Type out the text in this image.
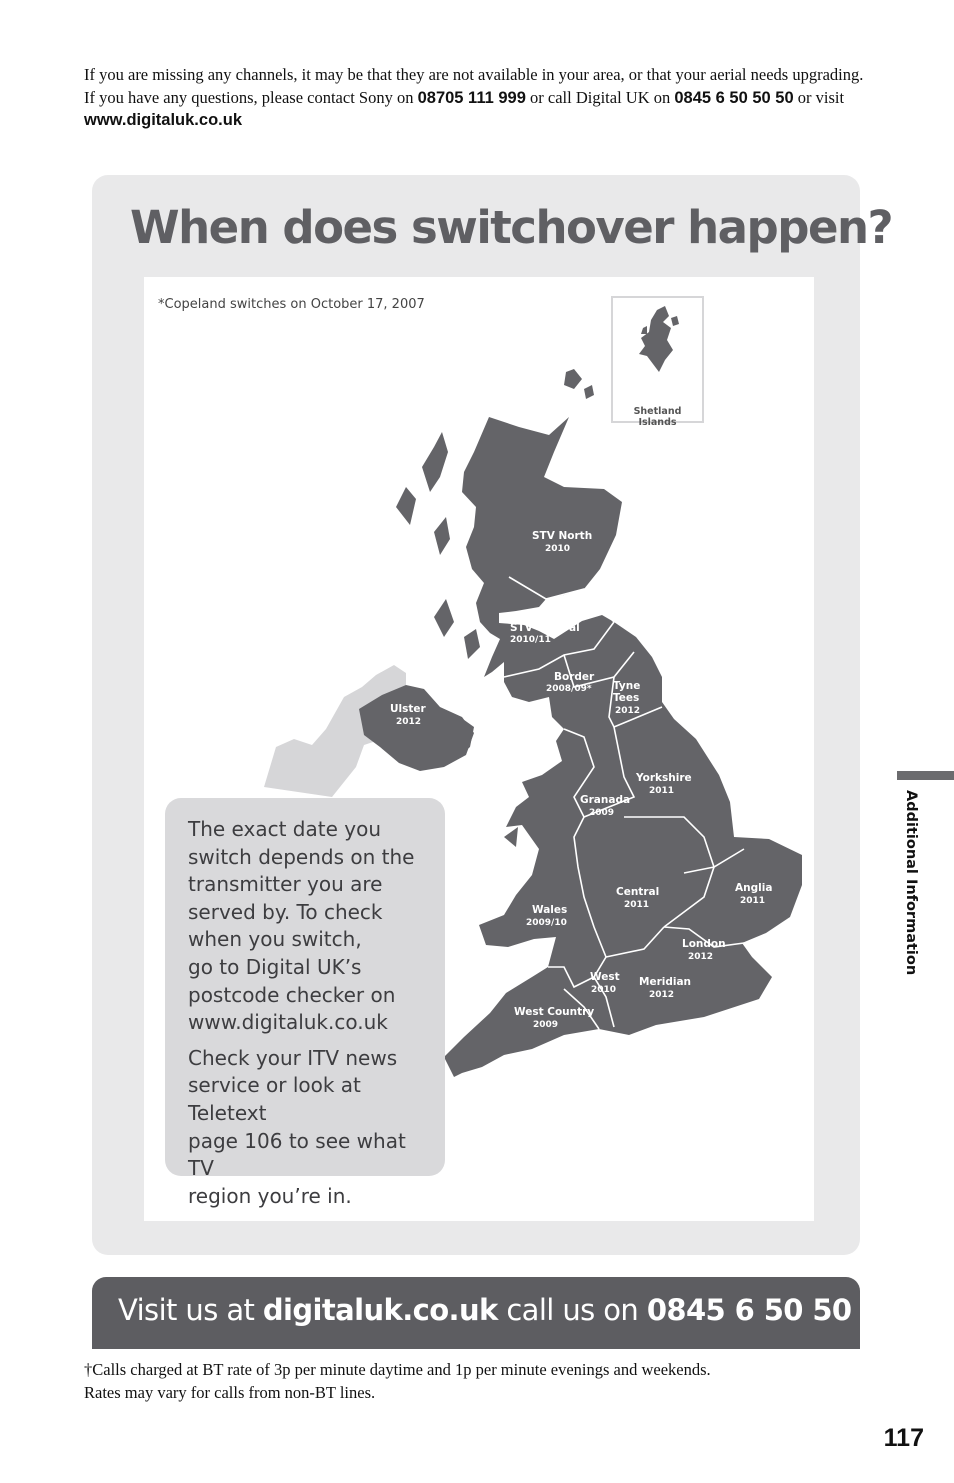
If you are missing any channels, it may be that they are not available in your area, or that your aerial needs upgrading.

If you have any questions, please contact Sony on 08705 111 999 or call Digital UK on 0845 6 50 50 50 or visit www.digitaluk.co.uk

When does switchover happen?
*Copeland switches on October 17, 2007
STV North
2010
STV Central
2010/11
Border
2008/09* Tyne
Tees
2012
Ulster
2012
Yorkshire
2011
Granada
2009
Central
2011
Anglia
2011
Wales
2009/10
London
2012
West
2010
Meridian
2012
West Country
2009
Shetland Islands

The exact date you
switch depends on the
transmitter you are
served by. To check
when you switch,
go to Digital UK’s
postcode checker on
www.digitaluk.co.uk

Check your ITV news
service or look at Teletext
page 106 to see what TV
region you’re in.

Visit us at digitaluk.co.uk call us on 0845 6 50 50 50†

†Calls charged at BT rate of 3p per minute daytime and 1p per minute evenings and weekends.

Rates may vary for calls from non-BT lines.

Additional Information
117
